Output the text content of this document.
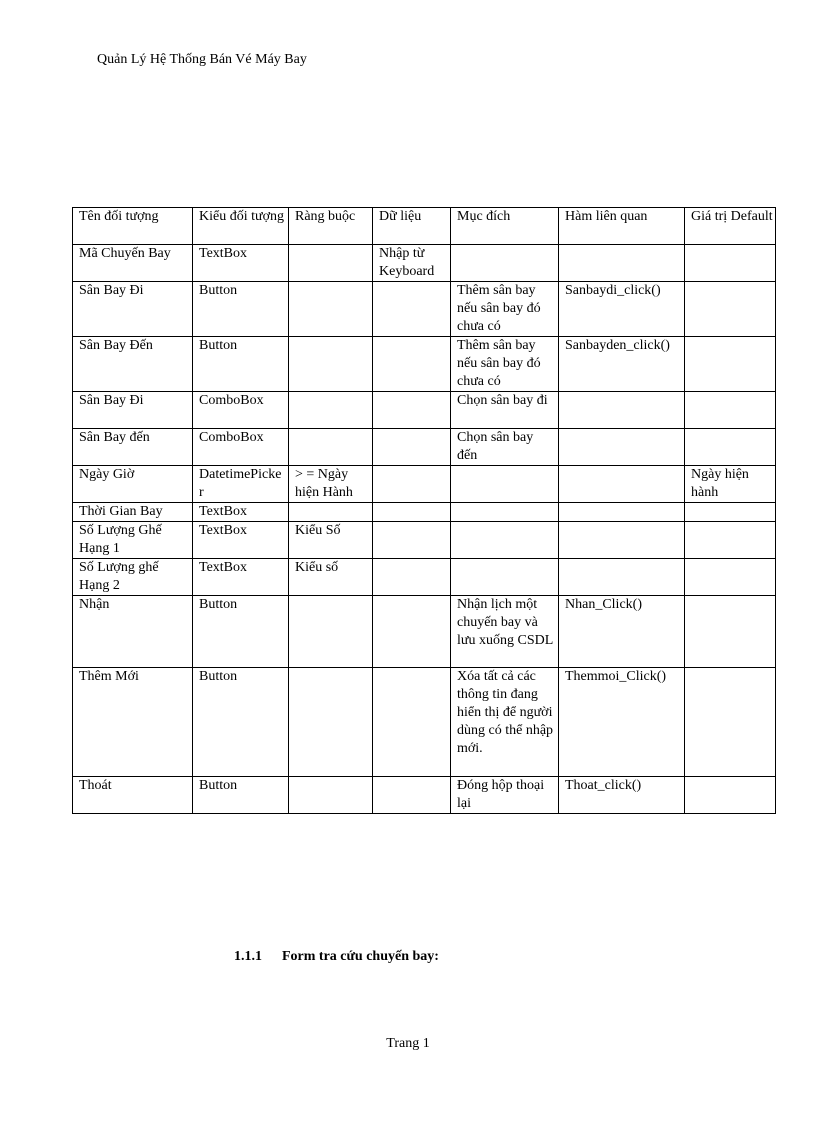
Quản Lý Hệ Thống Bán Vé Máy Bay
Tên đối tượng	Kiểu đối tượng	Ràng buộc	Dữ liệu	Mục đích	Hàm liên quan	Giá trị Default
Mã Chuyến Bay	TextBox		Nhập từ Keyboard			
Sân Bay Đi	Button			Thêm sân bay nếu sân bay đó chưa có	Sanbaydi_click()	
Sân Bay Đến	Button			Thêm sân bay nếu sân bay đó chưa có	Sanbayden_click()	
Sân Bay Đi	ComboBox			Chọn sân bay đi		
Sân Bay đến	ComboBox			Chọn sân bay đến		
Ngày Giờ	DatetimePicker	> = Ngày hiện Hành				Ngày hiện hành
Thời Gian Bay	TextBox					
Số Lượng Ghế Hạng 1	TextBox	Kiểu Số				
Số Lượng ghế Hạng 2	TextBox	Kiểu số				
Nhận	Button			Nhận lịch một chuyến bay và lưu xuống CSDL	Nhan_Click()	
Thêm Mới	Button			Xóa tất cả các thông tin đang hiển thị để người dùng có thể nhập mới.	Themmoi_Click()	
Thoát	Button			Đóng hộp thoại lại	Thoat_click()	
1.1.1 Form tra cứu chuyến bay:
Trang 1
